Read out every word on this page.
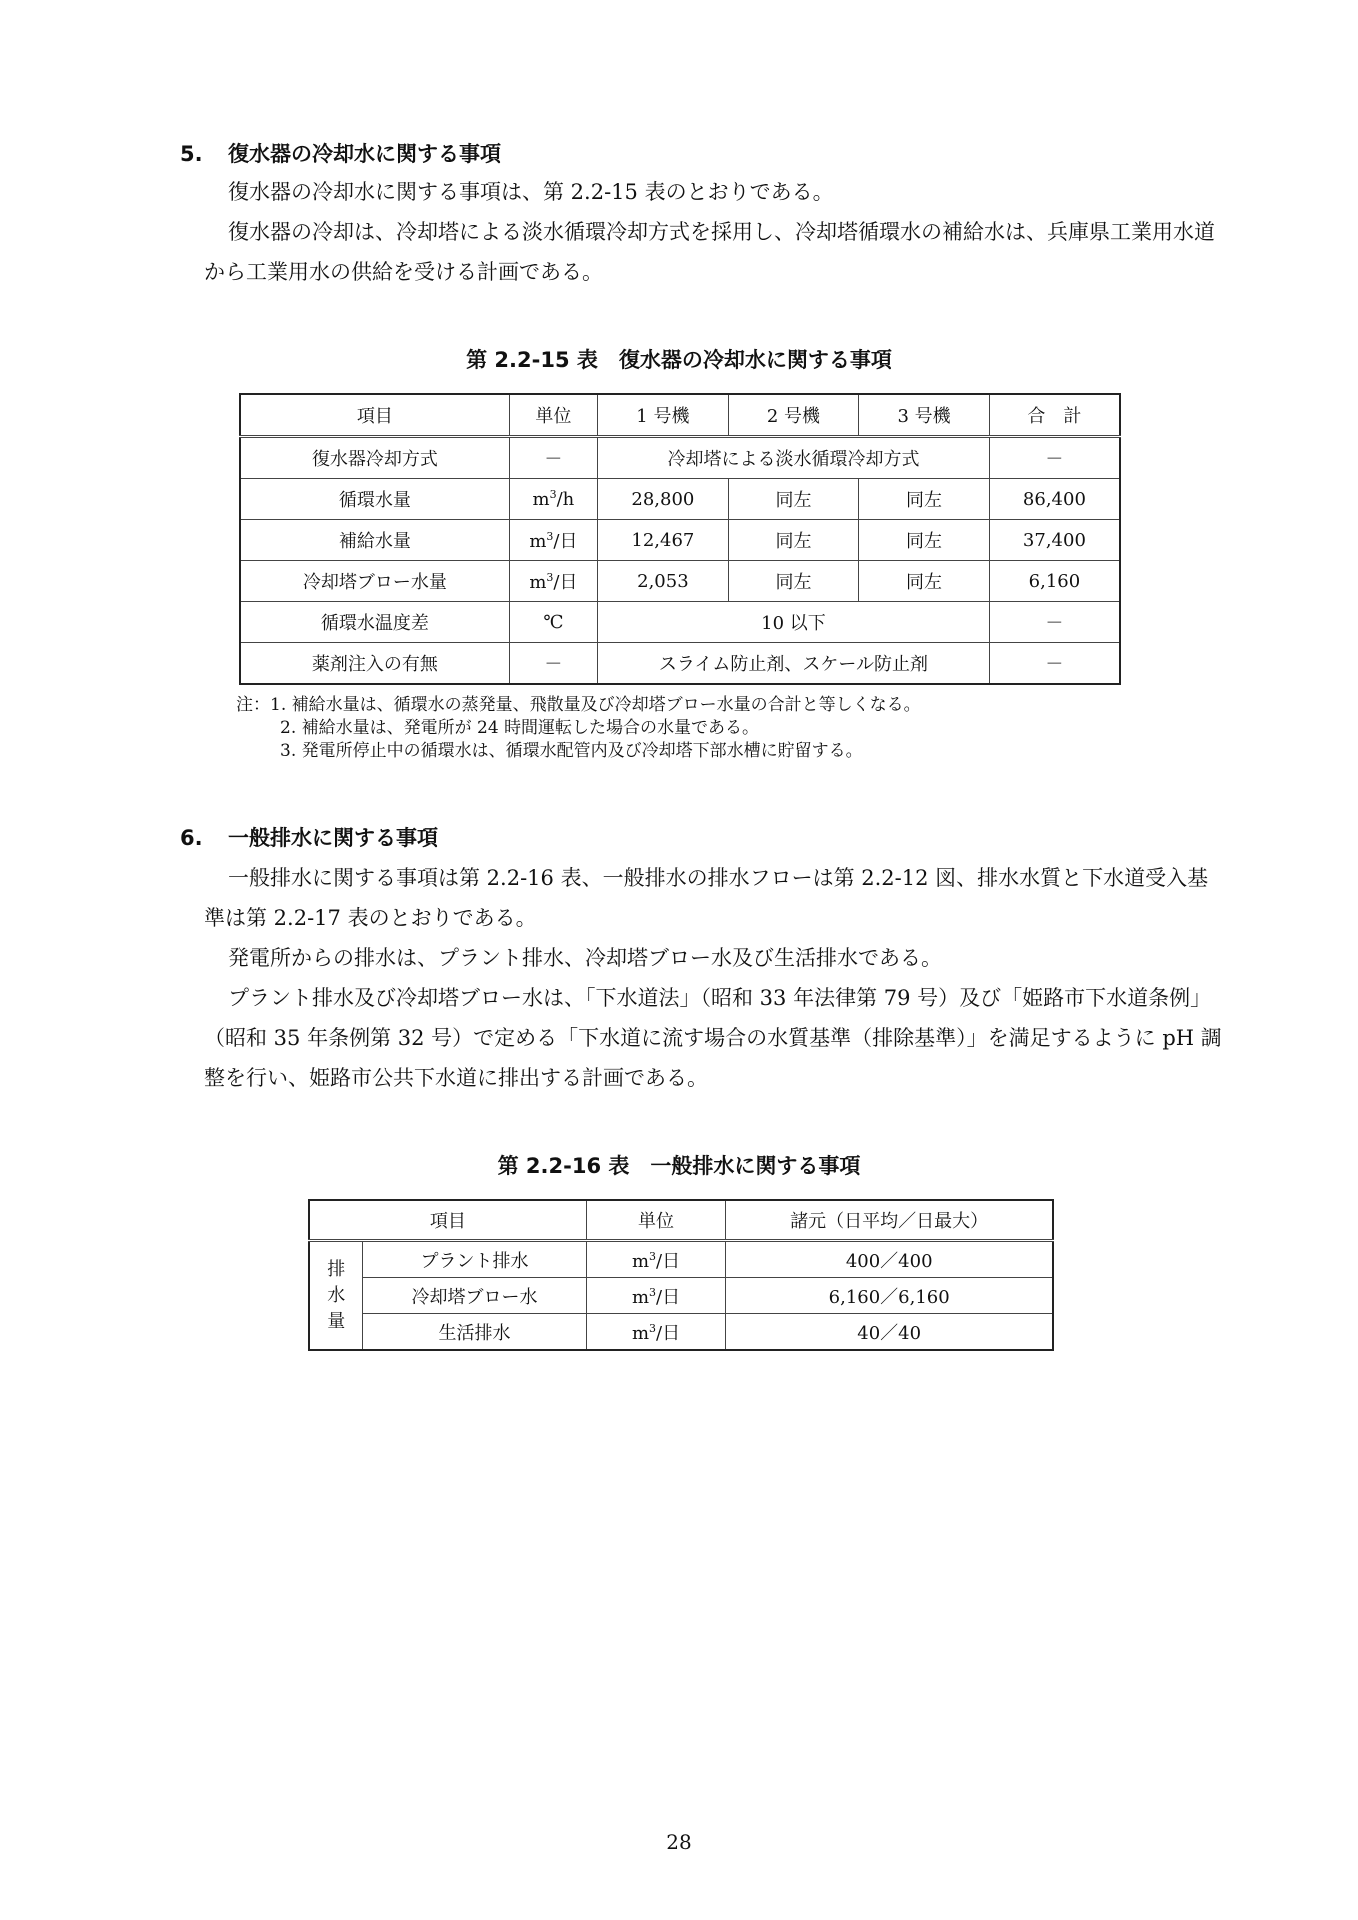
5. 復水器の冷却水に関する事項

復水器の冷却水に関する事項は、第 2.2-15 表のとおりである。

復水器の冷却は、冷却塔による淡水循環冷却方式を採用し、冷却塔循環水の補給水は、兵庫県工業用水道から工業用水の供給を受ける計画である。

第 2.2-15 表　復水器の冷却水に関する事項
項目	単位	1 号機	2 号機	3 号機	合　計
復水器冷却方式	－	冷却塔による淡水循環冷却方式			－
循環水量	$m^3/h$	28,800	同左	同左	86,400
補給水量	$m^3/$日	12,467	同左	同左	37,400
冷却塔ブロー水量	$m^3/$日	2,053	同左	同左	6,160
循環水温度差	℃	10 以下			－
薬剤注入の有無	－	スライム防止剤、スケール防止剤			－
注：1. 補給水量は、循環水の蒸発量、飛散量及び冷却塔ブロー水量の合計と等しくなる。
2. 補給水量は、発電所が 24 時間運転した場合の水量である。
3. 発電所停止中の循環水は、循環水配管内及び冷却塔下部水槽に貯留する。
6. 一般排水に関する事項

一般排水に関する事項は第 2.2-16 表、一般排水の排水フローは第 2.2-12 図、排水水質と下水道受入基準は第 2.2-17 表のとおりである。

発電所からの排水は、プラント排水、冷却塔ブロー水及び生活排水である。

プラント排水及び冷却塔ブロー水は、「下水道法」（昭和 33 年法律第 79 号）及び「姫路市下水道条例」（昭和 35 年条例第 32 号）で定める「下水道に流す場合の水質基準（排除基準）」を満足するように pH 調整を行い、姫路市公共下水道に排出する計画である。

第 2.2-16 表　一般排水に関する事項
項目		単位	諸元（日平均／日最大）

排
水
量	プラント排水	$m^3/$日	400／400
	冷却塔ブロー水	$m^3/$日	6,160／6,160
	生活排水	$m^3/$日	40／40
28
